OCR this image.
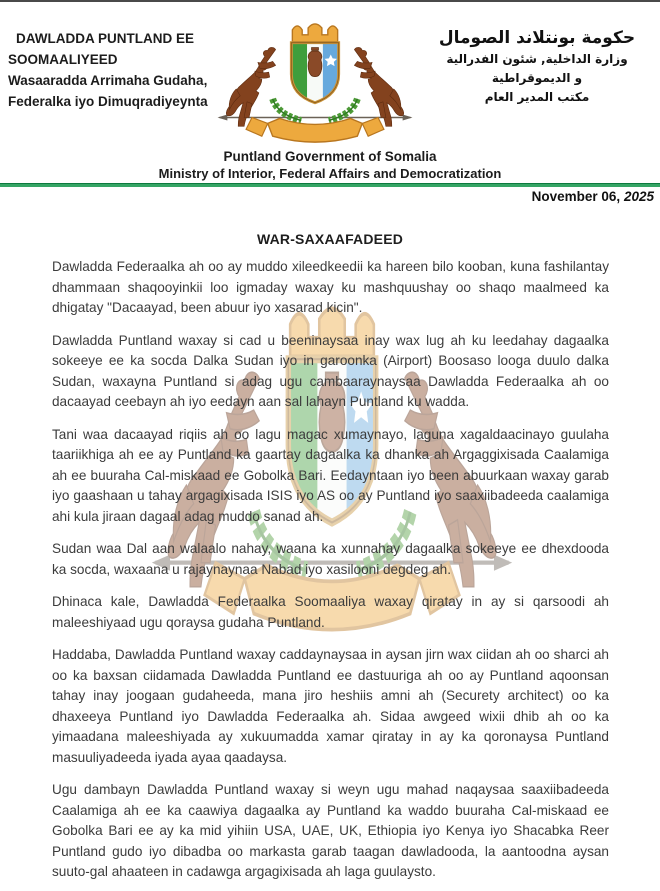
DAWLADDA PUNTLAND EE
SOOMAALIYEED
Wasaaradda Arrimaha Gudaha,
Federalka iyo Dimuqradiyeynta
حكومة بونتلاند الصومال
وزارة الداخلية, شئون الفدرالية
و الديموقراطية
مكتب المدير العام
Puntland Government of Somalia
Ministry of Interior, Federal Affairs and Democratization
November 06, 2025
WAR-SAXAAFADEED

Dawladda Federaalka ah oo ay muddo xileedkeedii ka hareen bilo kooban, kuna fashilantay dhammaan shaqooyinkii loo igmaday waxay ku mashquushay oo shaqo maalmeed ka dhigatay "Dacaayad, been abuur iyo xasarad kicin".

Dawladda Puntland waxay si cad u beeninaysaa inay wax lug ah ku leedahay dagaalka sokeeye ee ka socda Dalka Sudan iyo in garoonka (Airport) Boosaso looga duulo dalka Sudan, waxayna Puntland si adag ugu cambaaraynaysaa Dawladda Federaalka ah oo dacaayad ceebayn ah iyo eedayn aan sal lahayn Puntland ku wadda.

Tani waa dacaayad riqiis ah oo lagu magac xumaynayo, laguna xagaldaacinayo guulaha taariikhiga ah ee ay Puntland ka gaartay dagaalka ka dhanka ah Argaggixisada Caalamiga ah ee buuraha Cal-miskaad ee Gobolka Bari. Eedayntaan iyo been abuurkaan waxay garab iyo gaashaan u tahay argagixisada ISIS iyo AS oo ay Puntland iyo saaxiibadeeda caalamiga ahi kula jiraan dagaal adag muddo sanad ah.

Sudan waa Dal aan walaalo nahay, waana ka xunnahay dagaalka sokeeye ee dhexdooda ka socda, waxaana u rajaynaynaa Nabad iyo xasilooni degdeg ah.

Dhinaca kale, Dawladda Federaalka Soomaaliya waxay qiratay in ay si qarsoodi ah maleeshiyaad ugu qoraysa gudaha Puntland.

Haddaba, Dawladda Puntland waxay caddaynaysaa in aysan jirn wax ciidan ah oo sharci ah oo ka baxsan ciidamada Dawladda Puntland ee dastuuriga ah oo ay Puntland aqoonsan tahay inay joogaan gudaheeda, mana jiro heshiis amni ah (Securety architect) oo ka dhaxeeya Puntland iyo Dawladda Federaalka ah. Sidaa awgeed wixii dhib ah oo ka yimaadana maleeshiyada ay xukuumadda xamar qiratay in ay ka qoronaysa Puntland masuuliyadeeda iyada ayaa qaadaysa.

Ugu dambayn Dawladda Puntland waxay si weyn ugu mahad naqaysaa saaxiibadeeda Caalamiga ah ee ka caawiya dagaalka ay Puntland ka waddo buuraha Cal-miskaad ee Gobolka Bari ee ay ka mid yihiin USA, UAE, UK, Ethiopia iyo Kenya iyo Shacabka Reer Puntland gudo iyo dibadba oo markasta garab taagan dawladooda, la aantoodna aysan suuto-gal ahaateen in cadawga argagixisada ah laga guulaysto.
